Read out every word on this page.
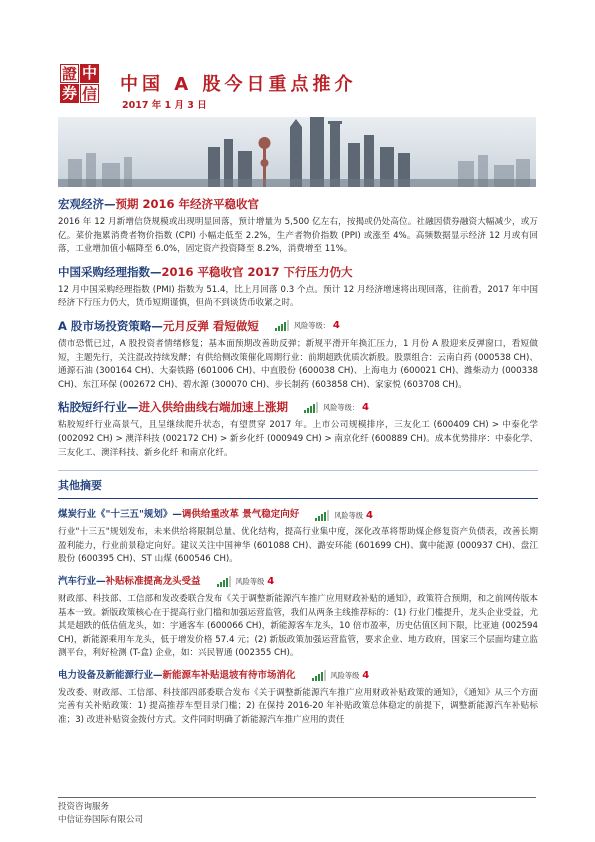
證 中
券 信 中国 A 股今日重点推介
2017 年 1 月 3 日
宏观经济 — 预期 2016 年经济平稳收官
2016 年 12 月新增信贷规模或出现明显回落，预计增量为 5,500 亿左右，按揭或仍处高位。社融因债券融资大幅减少，或万亿。菜价拖累消费者物价指数 (CPI) 小幅走低至 2.2%，生产者物价指数 (PPI) 或涨至 4%。高频数据显示经济 12 月或有回落，工业增加值小幅降至 6.0%，固定资产投资降至 8.2%，消费增至 11%。
中国采购经理指数 — 2016 平稳收官 2017 下行压力仍大
12 月中国采购经理指数 (PMI) 指数为 51.4，比上月回落 0.3 个点。预计 12 月经济增速将出现回落，往前看，2017 年中国经济下行压力仍大，货币短期谨慎，但尚不到谈货币收紧之时。
A 股市场投资策略 — 元月反弹 看短做短	风险等级： 4
债市恐慌已过，A 股投资者情绪修复；基本面预期改善助反弹；新规平滑开年换汇压力，1 月份 A 股迎来反弹窗口，看短做短，主题先行，关注混改持续发酵；有供给侧改策催化周期行业：前期超跌优质次新股。股票组合：云南白药 (000538 CH)、通源石油 (300164 CH)、大秦铁路 (601006 CH)、中直股份 (600038 CH)、上海电力 (600021 CH)、潍柴动力 (000338 CH)、东江环保 (002672 CH)、碧水源 (300070 CH)、步长制药 (603858 CH)、家家悦 (603708 CH)。
粘胶短纤行业 — 进入供给曲线右端加速上涨期	风险等级： 4
粘胶短纤行业高景气，且呈继续爬升状态，有望贯穿 2017 年。上市公司规模排序，三友化工 (600409 CH) > 中泰化学 (002092 CH) > 澳洋科技 (002172 CH) > 新乡化纤 (000949 CH) > 南京化纤 (600889 CH)。成本优势排序：中泰化学、三友化工、澳洋科技、新乡化纤 和南京化纤。
其他摘要
煤炭行业《"十三五"规划》 — 调供给重改革 景气稳定向好	风险等级 4
行业"十三五"规划发布，未来供给将限制总量、优化结构，提高行业集中度，深化改革将帮助煤企修复资产负债表，改善长期盈利能力，行业前景稳定向好。建议关注中国神华 (601088 CH)、潞安环能 (601699 CH)、冀中能源 (000937 CH)、盘江股份 (600395 CH)、ST 山煤 (600546 CH)。
汽车行业 — 补贴标准提高龙头受益	风险等级 4
财政部、科技部、工信部和发改委联合发布《关于调整新能源汽车推广应用财政补贴的通知》，政策符合预期，和之前网传版本基本一致。新版政策核心在于提高行业门槛和加强运营监管，我们从两条主线推荐标的：(1) 行业门槛提升，龙头企业受益，尤其是超跌的低估值龙头，如：宇通客车 (600066 CH)，新能源客车龙头，10 倍市盈率，历史估值区间下限，比亚迪 (002594 CH)，新能源乘用车龙头，低于增发价格 57.4 元；(2) 新版政策加强运营监管，要求企业、地方政府，国家三个层面均建立监测平台，利好检测 (T-盒) 企业，如：兴民智通 (002355 CH)。
电力设备及新能源行业 — 新能源车补贴退坡有待市场消化	风险等级 4
发改委、财政部、工信部、科技部四部委联合发布《关于调整新能源汽车推广应用财政补贴政策的通知》，《通知》从三个方面完善有关补贴政策：1) 提高推荐车型目录门槛；2) 在保持 2016-20 年补贴政策总体稳定的前提下，调整新能源汽车补贴标准；3) 改进补贴资金拨付方式。文件同时明确了新能源汽车推广应用的责任
投资咨询服务
中信证券国际有限公司
